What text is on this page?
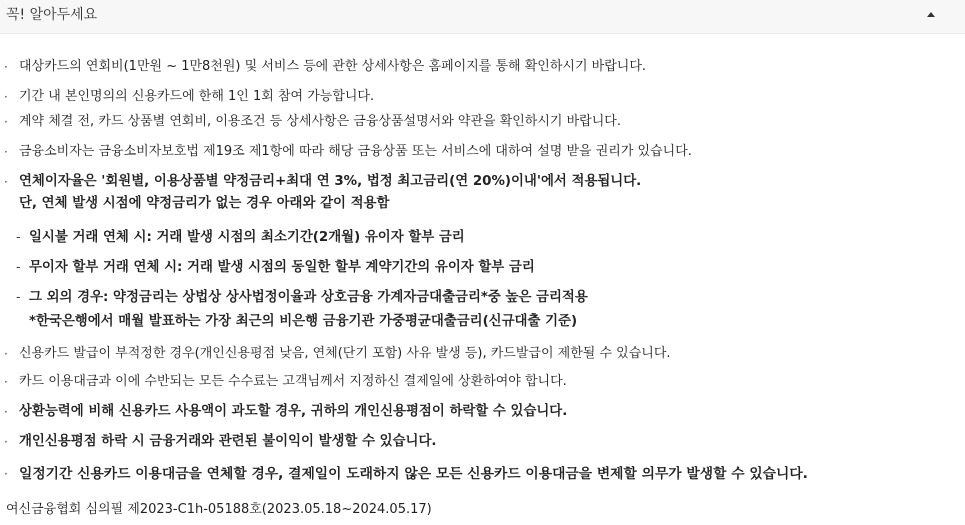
꼭! 알아두세요
· 대상카드의 연회비(1만원 ~ 1만8천원) 및 서비스 등에 관한 상세사항은 홈페이지를 통해 확인하시기 바랍니다.
· 기간 내 본인명의의 신용카드에 한해 1인 1회 참여 가능합니다.
· 계약 체결 전, 카드 상품별 연회비, 이용조건 등 상세사항은 금융상품설명서와 약관을 확인하시기 바랍니다.
· 금융소비자는 금융소비자보호법 제19조 제1항에 따라 해당 금융상품 또는 서비스에 대하여 설명 받을 권리가 있습니다.
· 연체이자율은 '회원별, 이용상품별 약정금리+최대 연 3%, 법정 최고금리(연 20%)이내'에서 적용됩니다.
단, 연체 발생 시점에 약정금리가 없는 경우 아래와 같이 적용함
- 일시불 거래 연체 시: 거래 발생 시점의 최소기간(2개월) 유이자 할부 금리
- 무이자 할부 거래 연체 시: 거래 발생 시점의 동일한 할부 계약기간의 유이자 할부 금리
- 그 외의 경우: 약정금리는 상법상 상사법정이율과 상호금융 가계자금대출금리*중 높은 금리적용
*한국은행에서 매월 발표하는 가장 최근의 비은행 금융기관 가중평균대출금리(신규대출 기준)
· 신용카드 발급이 부적정한 경우(개인신용평점 낮음, 연체(단기 포함) 사유 발생 등), 카드발급이 제한될 수 있습니다.
· 카드 이용대금과 이에 수반되는 모든 수수료는 고객님께서 지정하신 결제일에 상환하여야 합니다.
· 상환능력에 비해 신용카드 사용액이 과도할 경우, 귀하의 개인신용평점이 하락할 수 있습니다.
· 개인신용평점 하락 시 금융거래와 관련된 불이익이 발생할 수 있습니다.
· 일정기간 신용카드 이용대금을 연체할 경우, 결제일이 도래하지 않은 모든 신용카드 이용대금을 변제할 의무가 발생할 수 있습니다.
여신금융협회 심의필 제2023-C1h-05188호(2023.05.18~2024.05.17)
